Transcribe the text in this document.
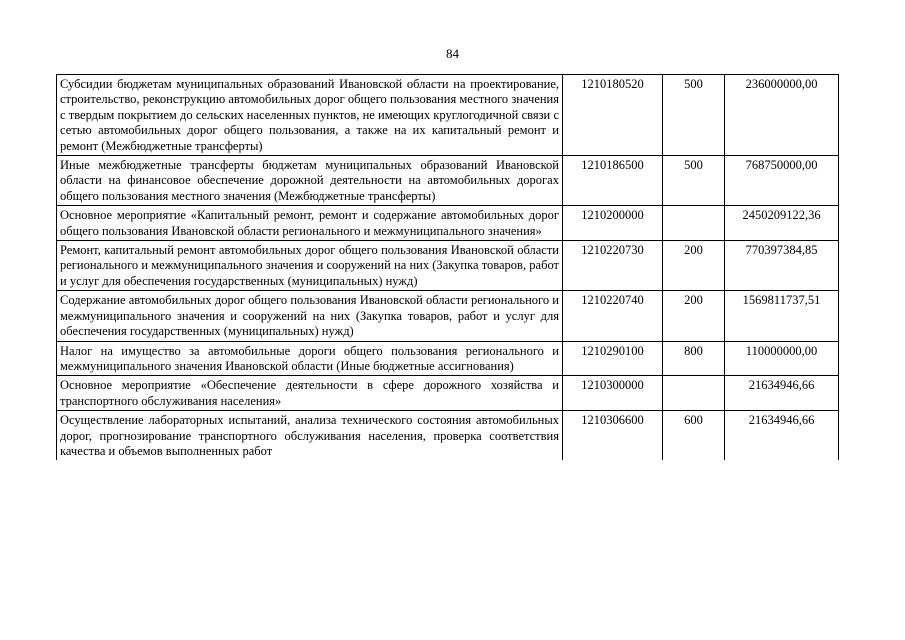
84
Субсидии бюджетам муниципальных образований Ивановской области на проектирование, строительство, реконструкцию автомобильных дорог общего пользования местного значения с твердым покрытием до сельских населенных пунктов, не имеющих круглогодичной связи с сетью автомобильных дорог общего пользования, а также на их капитальный ремонт и ремонт (Межбюджетные трансферты)	1210180520	500	236000000,00
Иные межбюджетные трансферты бюджетам муниципальных образований Ивановской области на финансовое обеспечение дорожной деятельности на автомобильных дорогах общего пользования местного значения (Межбюджетные трансферты)	1210186500	500	768750000,00
Основное мероприятие «Капитальный ремонт, ремонт и содержание автомобильных дорог общего пользования Ивановской области регионального и межмуниципального значения»	1210200000		2450209122,36
Ремонт, капитальный ремонт автомобильных дорог общего пользования Ивановской области регионального и межмуниципального значения и сооружений на них (Закупка товаров, работ и услуг для обеспечения государственных (муниципальных) нужд)	1210220730	200	770397384,85
Содержание автомобильных дорог общего пользования Ивановской области регионального и межмуниципального значения и сооружений на них (Закупка товаров, работ и услуг для обеспечения государственных (муниципальных) нужд)	1210220740	200	1569811737,51
Налог на имущество за автомобильные дороги общего пользования регионального и межмуниципального значения Ивановской области (Иные бюджетные ассигнования)	1210290100	800	110000000,00
Основное мероприятие «Обеспечение деятельности в сфере дорожного хозяйства и транспортного обслуживания населения»	1210300000		21634946,66

Осуществление лабораторных испытаний, анализа технического состояния автомобильных дорог, прогнозирование транспортного обслуживания населения, проверка соответствия качества и объемов выполненных работ	1210306600	600	21634946,66
